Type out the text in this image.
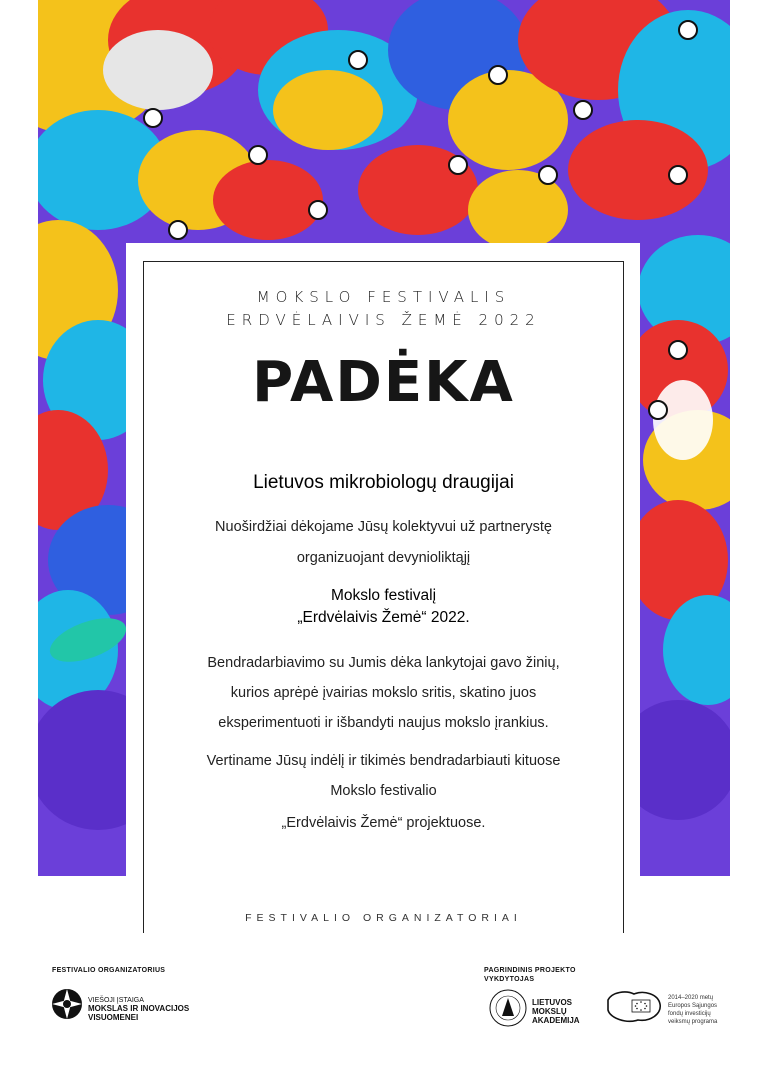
MOKSLO FESTIVALIS
ERDVĖLAIVIS ŽEMĖ 2022
PADĖKA
Lietuvos mikrobiologų draugijai
Nuoširdžiai dėkojame Jūsų kolektyvui už partnerystę
organizuojant devynioliktąjį
Mokslo festivalį
„Erdvėlaivis Žemė“ 2022.
Bendradarbiavimo su Jumis dėka lankytojai gavo žinių,
kurios aprėpė įvairias mokslo sritis, skatino juos
eksperimentuoti ir išbandyti naujus mokslo įrankius.
Vertiname Jūsų indėlį ir tikimės bendradarbiauti kituose
Mokslo festivalio
„Erdvėlaivis Žemė“ projektuose.
FESTIVALIO ORGANIZATORIAI
FESTIVALIO ORGANIZATORIUS
VIEŠOJI ĮSTAIGA
MOKSLAS IR INOVACIJOS
VISUOMENEI
PAGRINDINIS PROJEKTO
VYKDYTOJAS
LIETUVOS
MOKSLŲ
AKADEMIJA
2014–2020 metų
Europos Sąjungos
fondų investicijų
veiksmų programa
